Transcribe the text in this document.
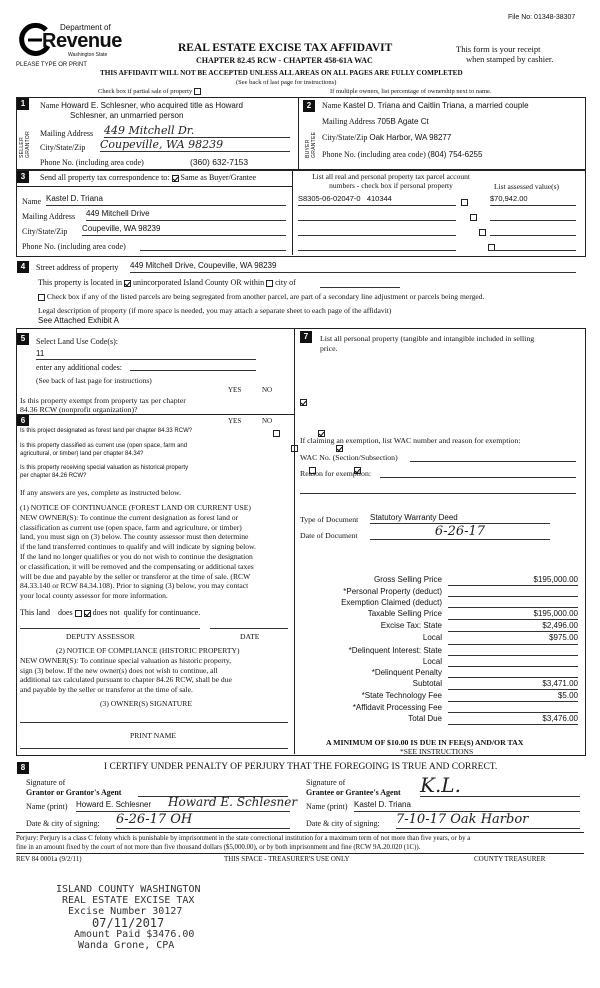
File No: 01348-38307
Department of
Revenue
Washington State
PLEASE TYPE OR PRINT
REAL ESTATE EXCISE TAX AFFIDAVIT
CHAPTER 82.45 RCW - CHAPTER 458-61A WAC
This form is your receipt
when stamped by cashier.
THIS AFFIDAVIT WILL NOT BE ACCEPTED UNLESS ALL AREAS ON ALL PAGES ARE FULLY COMPLETED
(See back of last page for instructions)
Check box if partial sale of property	If multiple owners, list percentage of ownership next to name.
1
SELLER GRANTOR
Name Howard E. Schlesner, who acquired title as Howard
Schlesner, an unmarried person
Mailing Address 449 Mitchell Dr.
City/State/Zip Coupeville, WA 98239
Phone No. (including area code)	(360) 632-7153
2
BUYER GRANTEE
Name Kastel D. Triana and Caitlin Triana, a married couple
Mailing Address 705B Agate Ct
City/State/Zip Oak Harbor, WA 98277
Phone No. (including area code) (804) 754-6255
3	Send all property tax correspondence to: Same as Buyer/Grantee
Name Kastel D. Triana
Mailing Address 449 Mitchell Drive
City/State/Zip Coupeville, WA 98239
Phone No. (including area code)
List all real and personal property tax parcel account
numbers - check box if personal property	List assessed value(s)
S8305-06-02047-0 410344
	$70,942.00

4	Street address of property 449 Mitchell Drive, Coupeville, WA 98239
This property is located in unincorporated Island County OR within city of
Check box if any of the listed parcels are being segregated from another parcel, are part of a secondary line adjustment or parcels being merged.
Legal description of property (if more space is needed, you may attach a separate sheet to each page of the affidavit)
See Attached Exhibit A
5	Select Land Use Code(s):
11
enter any additional codes:
(See back of last page for instructions)
YES	NO
Is this property exempt from property tax per chapter
84.36 RCW (nonprofit organization)?

6	YES	NO
Is this project designated as forest land per chapter 84.33 RCW?

Is this property classified as current use (open space, farm and
agricultural, or timber) land per chapter 84.34?

Is this property receiving special valuation as historical property
per chapter 84.26 RCW?

If any answers are yes, complete as instructed below.
(1) NOTICE OF CONTINUANCE (FOREST LAND OR CURRENT USE)
NEW OWNER(S): To continue the current designation as forest land or
classification as current use (open space, farm and agriculture, or timber)
land, you must sign on (3) below. The county assessor must then determine
if the land transferred continues to qualify and will indicate by signing below.
If the land no longer qualifies or you do not wish to continue the designation
or classification, it will be removed and the compensating or additional taxes
will be due and payable by the seller or transferor at the time of sale. (RCW
84.33.140 or RCW 84.34.108). Prior to signing (3) below, you may contact
your local county assessor for more information.
This land does	does not qualify for continuance.
DEPUTY ASSESSOR	DATE
(2) NOTICE OF COMPLIANCE (HISTORIC PROPERTY)
NEW OWNER(S): To continue special valuation as historic property,
sign (3) below. If the new owner(s) does not wish to continue, all
additional tax calculated pursuant to chapter 84.26 RCW, shall be due
and payable by the seller or transferor at the time of sale.
(3) OWNER(S) SIGNATURE
PRINT NAME
7	List all personal property (tangible and intangible included in selling
price.
If claiming an exemption, list WAC number and reason for exemption:
WAC No. (Section/Subsection)
Reason for exemption:
Type of Document Statutory Warranty Deed
Date of Document	6-26-17
Gross Selling Price	$195,000.00
*Personal Property (deduct)
Exemption Claimed (deduct)
Taxable Selling Price	$195,000.00
Excise Tax: State	$2,496.00
Local	$975.00
*Delinquent Interest: State
Local
*Delinquent Penalty
Subtotal	$3,471.00
*State Technology Fee	$5.00
*Affidavit Processing Fee
Total Due	$3,476.00
A MINIMUM OF $10.00 IS DUE IN FEE(S) AND/OR TAX
*SEE INSTRUCTIONS
8	I CERTIFY UNDER PENALTY OF PERJURY THAT THE FOREGOING IS TRUE AND CORRECT.
Signature of
Grantor or Grantor's Agent
Signature of
Grantee or Grantee's Agent K.L.
Name (print) Howard E. Schlesner	Howard E. Schlesner Name (print) Kastel D. Triana
Date & city of signing: 6-26-17 OH	Date & city of signing: 7-10-17 Oak Harbor
Perjury: Perjury is a class C felony which is punishable by imprisonment in the state correctional institution for a maximum term of not more than five years, or by a
fine in an amount fixed by the court of not more than five thousand dollars ($5,000.00), or by both imprisonment and fine (RCW 9A.20.020 (1C)).
REV 84 0001a (9/2/11)	THIS SPACE - TREASURER'S USE ONLY	COUNTY TREASURER
ISLAND COUNTY WASHINGTON
REAL ESTATE EXCISE TAX
Excise Number 30127
07/11/2017
Amount Paid $3476.00
Wanda Grone, CPA
